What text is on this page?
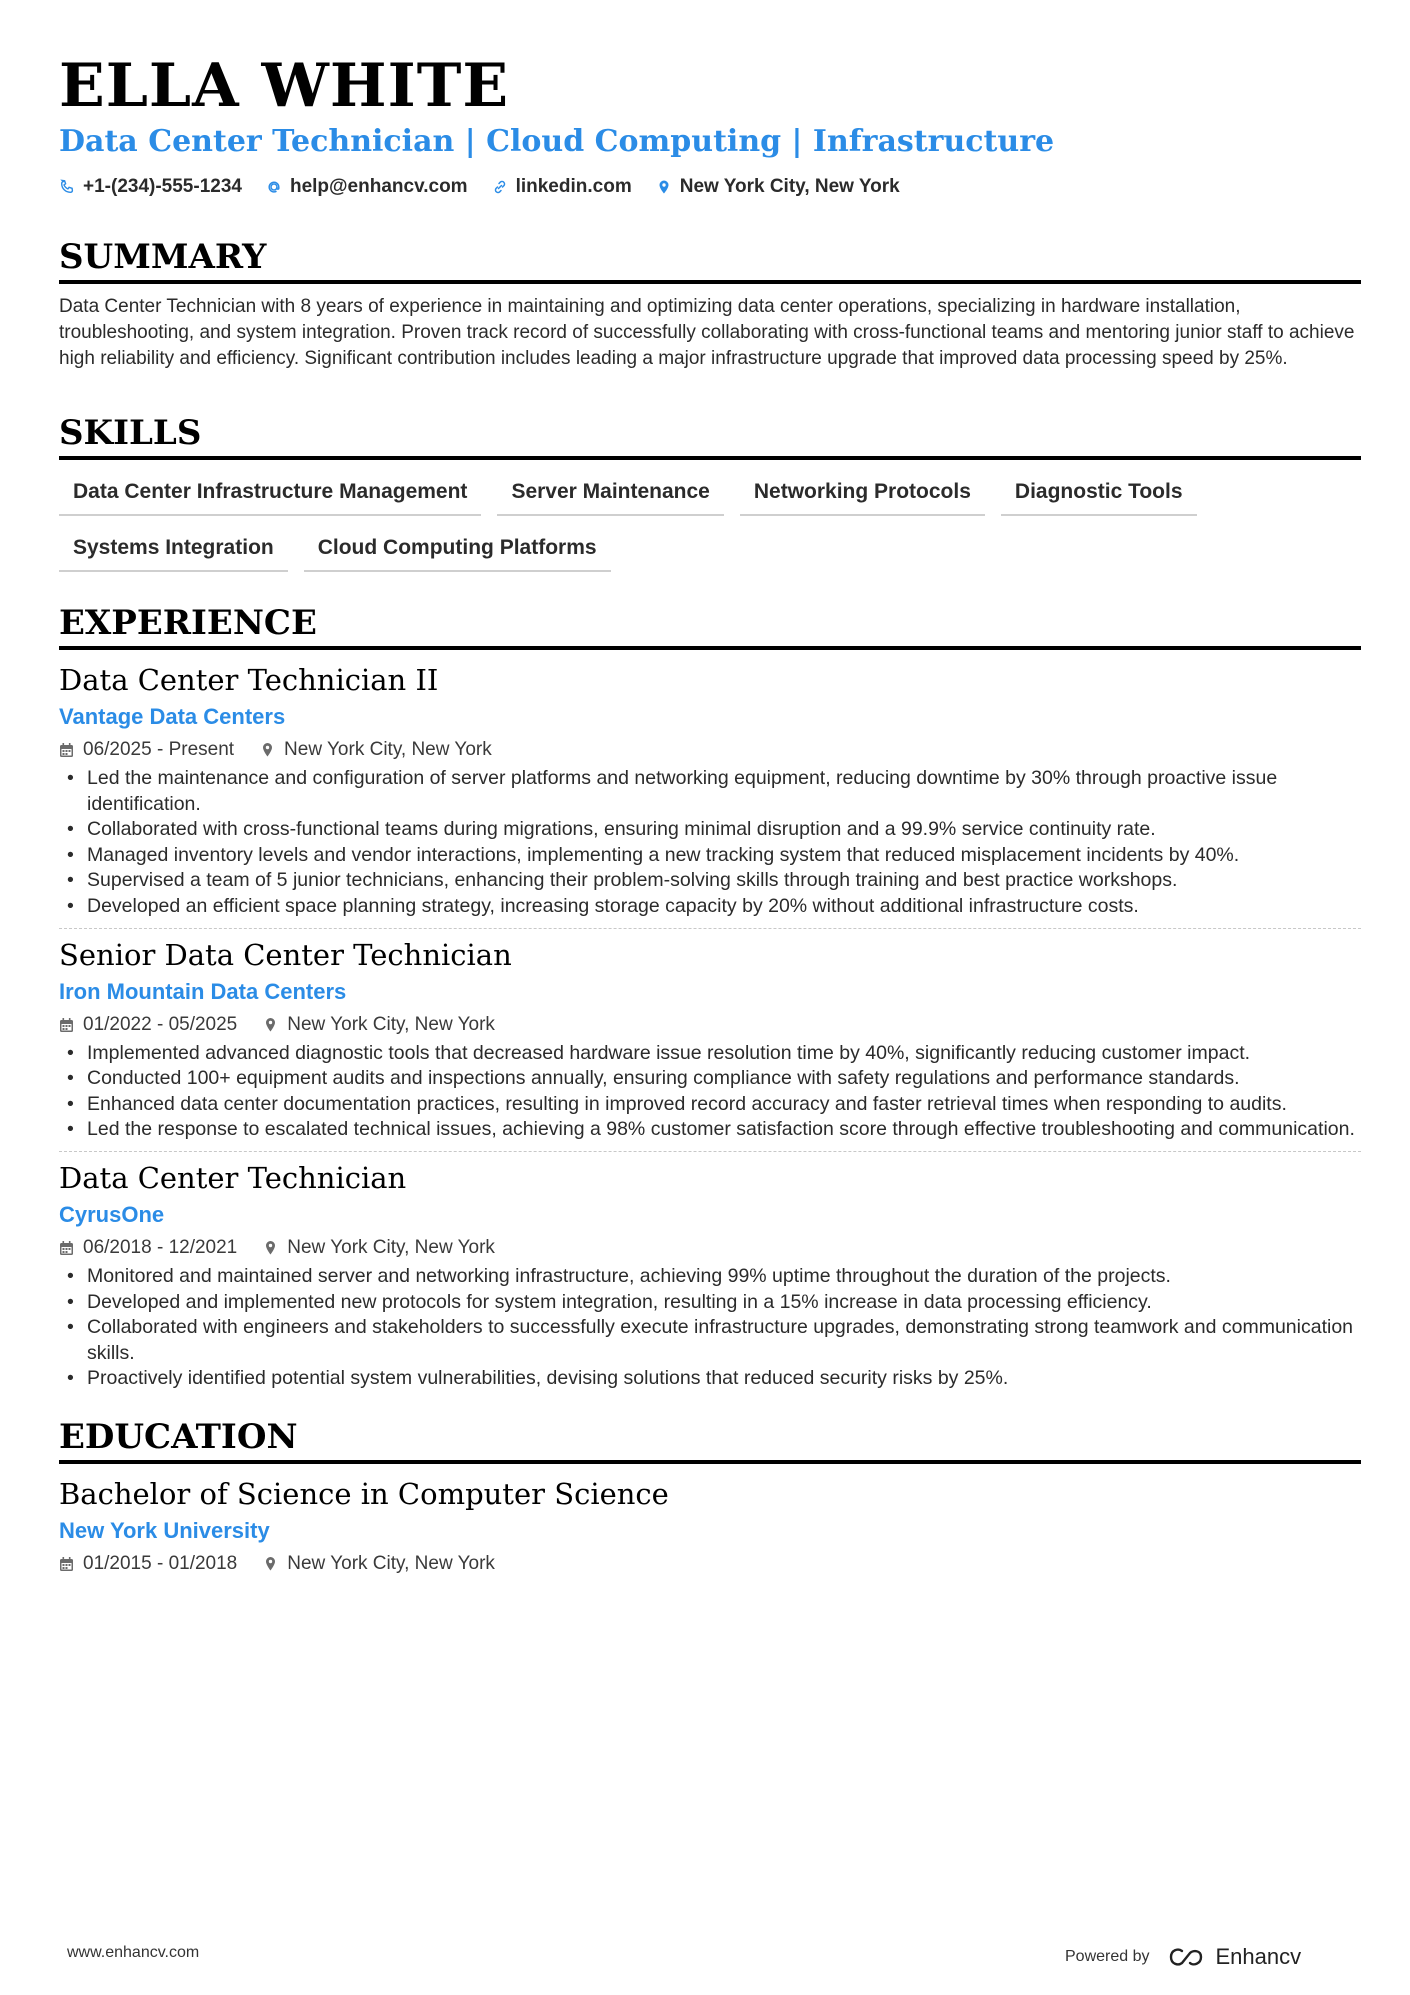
ELLA WHITE
Data Center Technician | Cloud Computing | Infrastructure
+1-(234)-555-1234	help@enhancv.com	linkedin.com	New York City, New York
SUMMARY

Data Center Technician with 8 years of experience in maintaining and optimizing data center operations, specializing in hardware installation, troubleshooting, and system integration. Proven track record of successfully collaborating with cross-functional teams and mentoring junior staff to achieve high reliability and efficiency. Significant contribution includes leading a major infrastructure upgrade that improved data processing speed by 25%.

SKILLS
Data Center Infrastructure Management	Server Maintenance	Networking Protocols	Diagnostic Tools
Systems Integration	Cloud Computing Platforms
EXPERIENCE
Data Center Technician II
Vantage Data Centers
06/2025 - Present	New York City, New York
• Led the maintenance and configuration of server platforms and networking equipment, reducing downtime by 30% through proactive issue identification.
• Collaborated with cross-functional teams during migrations, ensuring minimal disruption and a 99.9% service continuity rate.
• Managed inventory levels and vendor interactions, implementing a new tracking system that reduced misplacement incidents by 40%.
• Supervised a team of 5 junior technicians, enhancing their problem-solving skills through training and best practice workshops.
• Developed an efficient space planning strategy, increasing storage capacity by 20% without additional infrastructure costs.
Senior Data Center Technician
Iron Mountain Data Centers
01/2022 - 05/2025	New York City, New York
• Implemented advanced diagnostic tools that decreased hardware issue resolution time by 40%, significantly reducing customer impact.
• Conducted 100+ equipment audits and inspections annually, ensuring compliance with safety regulations and performance standards.
• Enhanced data center documentation practices, resulting in improved record accuracy and faster retrieval times when responding to audits.
• Led the response to escalated technical issues, achieving a 98% customer satisfaction score through effective troubleshooting and communication.
Data Center Technician
CyrusOne
06/2018 - 12/2021	New York City, New York
• Monitored and maintained server and networking infrastructure, achieving 99% uptime throughout the duration of the projects.
• Developed and implemented new protocols for system integration, resulting in a 15% increase in data processing efficiency.
• Collaborated with engineers and stakeholders to successfully execute infrastructure upgrades, demonstrating strong teamwork and communication skills.
• Proactively identified potential system vulnerabilities, devising solutions that reduced security risks by 25%.
EDUCATION
Bachelor of Science in Computer Science
New York University
01/2015 - 01/2018	New York City, New York
www.enhancv.com	Powered by	Enhancv
